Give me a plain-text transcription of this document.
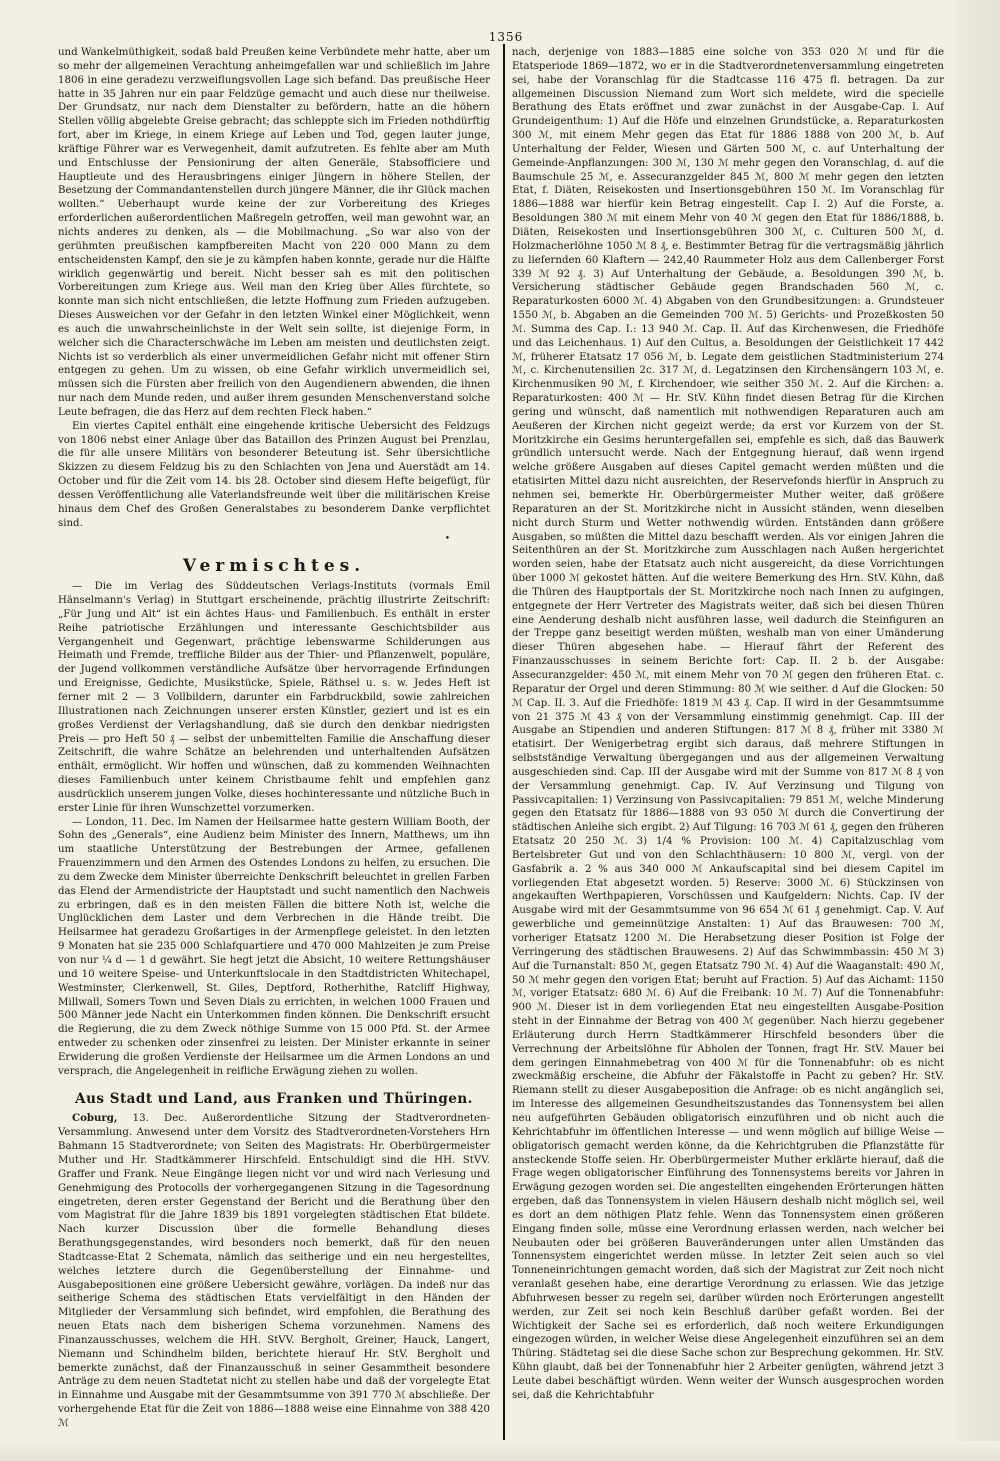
1356

und Wankelmüthigkeit, sodaß bald Preußen keine Verbündete mehr hatte, aber um so mehr der allgemeinen Verachtung anheimgefallen war und schließlich im Jahre 1806 in eine geradezu verzweiflungsvollen Lage sich befand. Das preußische Heer hatte in 35 Jahren nur ein paar Feldzüge gemacht und auch diese nur theilweise. Der Grundsatz, nur nach dem Dienstalter zu befördern, hatte an die höhern Stellen völlig abgelebte Greise gebracht; das schleppte sich im Frieden nothdürftig fort, aber im Kriege, in einem Kriege auf Leben und Tod, gegen lauter junge, kräftige Führer war es Verwegenheit, damit aufzutreten. Es fehlte aber am Muth und Entschlusse der Pensionirung der alten Generäle, Stabsofficiere und Hauptleute und des Herausbringens einiger Jüngern in höhere Stellen, der Besetzung der Commandantenstellen durch jüngere Männer, die ihr Glück machen wollten.“ Ueberhaupt wurde keine der zur Vorbereitung des Krieges erforderlichen außerordentlichen Maßregeln getroffen, weil man gewohnt war, an nichts anderes zu denken, als — die Mobilmachung. „So war also von der gerühmten preußischen kampfbereiten Macht von 220 000 Mann zu dem entscheidensten Kampf, den sie je zu kämpfen haben konnte, gerade nur die Hälfte wirklich gegenwärtig und bereit. Nicht besser sah es mit den politischen Vorbereitungen zum Kriege aus. Weil man den Krieg über Alles fürchtete, so konnte man sich nicht entschließen, die letzte Hoffnung zum Frieden aufzugeben. Dieses Ausweichen vor der Gefahr in den letzten Winkel einer Möglichkeit, wenn es auch die unwahrscheinlichste in der Welt sein sollte, ist diejenige Form, in welcher sich die Characterschwäche im Leben am meisten und deutlichsten zeigt. Nichts ist so verderblich als einer unvermeidlichen Gefahr nicht mit offener Stirn entgegen zu gehen. Um zu wissen, ob eine Gefahr wirklich unvermeidlich sei, müssen sich die Fürsten aber freilich von den Augendienern abwenden, die ihnen nur nach dem Munde reden, und außer ihrem gesunden Menschenverstand solche Leute befragen, die das Herz auf dem rechten Fleck haben.“

Ein viertes Capitel enthält eine eingehende kritische Uebersicht des Feldzugs von 1806 nebst einer Anlage über das Bataillon des Prinzen August bei Prenzlau, die für alle unsere Militärs von besonderer Beteutung ist. Sehr übersichtliche Skizzen zu diesem Feldzug bis zu den Schlachten von Jena und Auerstädt am 14. October und für die Zeit vom 14. bis 28. October sind diesem Hefte beigefügt, für dessen Veröffentlichung alle Vaterlandsfreunde weit über die militärischen Kreise hinaus dem Chef des Großen Generalstabes zu besonderem Danke verpflichtet sind.

•
Vermischtes.

— Die im Verlag des Süddeutschen Verlags-Instituts (vormals Emil Hänselmann's Verlag) in Stuttgart erscheinende, prächtig illustrirte Zeitschrift: „Für Jung und Alt“ ist ein ächtes Haus- und Familienbuch. Es enthält in erster Reihe patriotische Erzählungen und interessante Geschichtsbilder aus Vergangenheit und Gegenwart, prächtige lebenswarme Schilderungen aus Heimath und Fremde, treffliche Bilder aus der Thier- und Pflanzenwelt, populäre, der Jugend vollkommen verständliche Aufsätze über hervorragende Erfindungen und Ereignisse, Gedichte, Musikstücke, Spiele, Räthsel u. s. w. Jedes Heft ist ferner mit 2 — 3 Vollbildern, darunter ein Farbdruckbild, sowie zahlreichen Illustrationen nach Zeichnungen unserer ersten Künstler, geziert und ist es ein großes Verdienst der Verlagshandlung, daß sie durch den denkbar niedrigsten Preis — pro Heft 50 ₰ — selbst der unbemittelten Familie die Anschaffung dieser Zeitschrift, die wahre Schätze an belehrenden und unterhaltenden Aufsätzen enthält, ermöglicht. Wir hoffen und wünschen, daß zu kommenden Weihnachten dieses Familienbuch unter keinem Christbaume fehlt und empfehlen ganz ausdrücklich unserem jungen Volke, dieses hochinteressante und nützliche Buch in erster Linie für ihren Wunschzettel vorzumerken.

— London, 11. Dec. Im Namen der Heilsarmee hatte gestern William Booth, der Sohn des „Generals“, eine Audienz beim Minister des Innern, Matthews, um ihn um staatliche Unterstützung der Bestrebungen der Armee, gefallenen Frauenzimmern und den Armen des Ostendes Londons zu helfen, zu ersuchen. Die zu dem Zwecke dem Minister überreichte Denkschrift beleuchtet in grellen Farben das Elend der Armendistricte der Hauptstadt und sucht namentlich den Nachweis zu erbringen, daß es in den meisten Fällen die bittere Noth ist, welche die Unglücklichen dem Laster und dem Verbrechen in die Hände treibt. Die Heilsarmee hat geradezu Großartiges in der Armenpflege geleistet. In den letzten 9 Monaten hat sie 235 000 Schlafquartiere und 470 000 Mahlzeiten je zum Preise von nur ¼ d — 1 d gewährt. Sie hegt jetzt die Absicht, 10 weitere Rettungshäuser und 10 weitere Speise- und Unterkunftslocale in den Stadtdistricten Whitechapel, Westminster, Clerkenwell, St. Giles, Deptford, Rotherhithe, Ratcliff Highway, Millwall, Somers Town und Seven Dials zu errichten, in welchen 1000 Frauen und 500 Männer jede Nacht ein Unterkommen finden können. Die Denkschrift ersucht die Regierung, die zu dem Zweck nöthige Summe von 15 000 Pfd. St. der Armee entweder zu schenken oder zinsenfrei zu leisten. Der Minister erkannte in seiner Erwiderung die großen Verdienste der Heilsarmee um die Armen Londons an und versprach, die Angelegenheit in reifliche Erwägung ziehen zu wollen.

Aus Stadt und Land, aus Franken und Thüringen.

Coburg, 13. Dec. Außerordentliche Sitzung der Stadtverordneten-Versammlung. Anwesend unter dem Vorsitz des Stadtverordneten-Vorstehers Hrn Bahmann 15 Stadtverordnete; von Seiten des Magistrats: Hr. Oberbürgermeister Muther und Hr. Stadtkämmerer Hirschfeld. Entschuldigt sind die HH. StVV. Graffer und Frank. Neue Eingänge liegen nicht vor und wird nach Verlesung und Genehmigung des Protocolls der vorhergegangenen Sitzung in die Tagesordnung eingetreten, deren erster Gegenstand der Bericht und die Berathung über den vom Magistrat für die Jahre 1839 bis 1891 vorgelegten städtischen Etat bildete. Nach kurzer Discussion über die formelle Behandlung dieses Berathungsgegenstandes, wird besonders noch bemerkt, daß für den neuen Stadtcasse-Etat 2 Schemata, nämlich das seitherige und ein neu hergestelltes, welches letztere durch die Gegenüberstellung der Einnahme- und Ausgabepositionen eine größere Uebersicht gewähre, vorlägen. Da indeß nur das seitherige Schema des städtischen Etats vervielfältigt in den Händen der Mitglieder der Versammlung sich befindet, wird empfohlen, die Berathung des neuen Etats nach dem bisherigen Schema vorzunehmen. Namens des Finanzausschusses, welchem die HH. StVV. Bergholt, Greiner, Hauck, Langert, Niemann und Schindhelm bilden, berichtete hierauf Hr. StV. Bergholt und bemerkte zunächst, daß der Finanzausschuß in seiner Gesammtheit besondere Anträge zu dem neuen Stadtetat nicht zu stellen habe und daß der vorgelegte Etat in Einnahme und Ausgabe mit der Gesammtsumme von 391 770 ℳ abschließe. Der vorhergehende Etat für die Zeit von 1886—1888 weise eine Einnahme von 388 420 ℳ

nach, derjenige von 1883—1885 eine solche von 353 020 ℳ und für die Etatsperiode 1869—1872, wo er in die Stadtverordnetenversammlung eingetreten sei, habe der Voranschlag für die Stadtcasse 116 475 fl. betragen. Da zur allgemeinen Discussion Niemand zum Wort sich meldete, wird die specielle Berathung des Etats eröffnet und zwar zunächst in der Ausgabe-Cap. I. Auf Grundeigenthum: 1) Auf die Höfe und einzelnen Grundstücke, a. Reparaturkosten 300 ℳ, mit einem Mehr gegen das Etat für 1886 1888 von 200 ℳ, b. Auf Unterhaltung der Felder, Wiesen und Gärten 500 ℳ, c. auf Unterhaltung der Gemeinde-Anpflanzungen: 300 ℳ, 130 ℳ mehr gegen den Voranschlag, d. auf die Baumschule 25 ℳ, e. Assecuranzgelder 845 ℳ, 800 ℳ mehr gegen den letzten Etat, f. Diäten, Reisekosten und Insertionsgebühren 150 ℳ. Im Voranschlag für 1886—1888 war hierfür kein Betrag eingestellt. Cap I. 2) Auf die Forste, a. Besoldungen 380 ℳ mit einem Mehr von 40 ℳ gegen den Etat für 1886/1888, b. Diäten, Reisekosten und Insertionsgebühren 300 ℳ, c. Culturen 500 ℳ, d. Holzmacherlöhne 1050 ℳ 8 ₰, e. Bestimmter Betrag für die vertragsmäßig jährlich zu liefernden 60 Klaftern — 242,40 Raummeter Holz aus dem Callenberger Forst 339 ℳ 92 ₰. 3) Auf Unterhaltung der Gebäude, a. Besoldungen 390 ℳ, b. Versicherung städtischer Gebäude gegen Brandschaden 560 ℳ, c. Reparaturkosten 6000 ℳ. 4) Abgaben von den Grundbesitzungen: a. Grundsteuer 1550 ℳ, b. Abgaben an die Gemeinden 700 ℳ. 5) Gerichts- und Prozeßkosten 50 ℳ. Summa des Cap. I.: 13 940 ℳ. Cap. II. Auf das Kirchenwesen, die Friedhöfe und das Leichenhaus. 1) Auf den Cultus, a. Besoldungen der Geistlichkeit 17 442 ℳ, früherer Etatsatz 17 056 ℳ, b. Legate dem geistlichen Stadtministerium 274 ℳ, c. Kirchenutensilien 2c. 317 ℳ, d. Legatzinsen den Kirchensängern 103 ℳ, e. Kirchenmusiken 90 ℳ, f. Kirchendoer, wie seither 350 ℳ. 2. Auf die Kirchen: a. Reparaturkosten: 400 ℳ — Hr. StV. Kühn findet diesen Betrag für die Kirchen gering und wünscht, daß namentlich mit nothwendigen Reparaturen auch am Aeußeren der Kirchen nicht gegeizt werde; da erst vor Kurzem von der St. Moritzkirche ein Gesims heruntergefallen sei, empfehle es sich, daß das Bauwerk gründlich untersucht werde. Nach der Entgegnung hierauf, daß wenn irgend welche größere Ausgaben auf dieses Capitel gemacht werden müßten und die etatisirten Mittel dazu nicht ausreichten, der Reservefonds hierfür in Anspruch zu nehmen sei, bemerkte Hr. Oberbürgermeister Muther weiter, daß größere Reparaturen an der St. Moritzkirche nicht in Aussicht ständen, wenn dieselben nicht durch Sturm und Wetter nothwendig würden. Entständen dann größere Ausgaben, so müßten die Mittel dazu beschafft werden. Als vor einigen Jahren die Seitenthüren an der St. Moritzkirche zum Ausschlagen nach Außen hergerichtet worden seien, habe der Etatsatz auch nicht ausgereicht, da diese Vorrichtungen über 1000 ℳ gekostet hätten. Auf die weitere Bemerkung des Hrn. StV. Kühn, daß die Thüren des Hauptportals der St. Moritzkirche noch nach Innen zu aufgingen, entgegnete der Herr Vertreter des Magistrats weiter, daß sich bei diesen Thüren eine Aenderung deshalb nicht ausführen lasse, weil dadurch die Steinfiguren an der Treppe ganz beseitigt werden müßten, weshalb man von einer Umänderung dieser Thüren abgesehen habe. — Hierauf fährt der Referent des Finanzausschusses in seinem Berichte fort: Cap. II. 2 b. der Ausgabe: Assecuranzgelder: 450 ℳ, mit einem Mehr von 70 ℳ gegen den früheren Etat. c. Reparatur der Orgel und deren Stimmung: 80 ℳ wie seither. d Auf die Glocken: 50 ℳ Cap. II. 3. Auf die Friedhöfe: 1819 ℳ 43 ₰. Cap. II wird in der Gesammtsumme von 21 375 ℳ 43 ₰ von der Versammlung einstimmig genehmigt. Cap. III der Ausgabe an Stipendien und anderen Stiftungen: 817 ℳ 8 ₰, früher mit 3380 ℳ etatisirt. Der Wenigerbetrag ergibt sich daraus, daß mehrere Stiftungen in selbstständige Verwaltung übergegangen und aus der allgemeinen Verwaltung ausgeschieden sind. Cap. III der Ausgabe wird mit der Summe von 817 ℳ 8 ₰ von der Versammlung genehmigt. Cap. IV. Auf Verzinsung und Tilgung von Passivcapitalien: 1) Verzinsung von Passivcapitalien: 79 851 ℳ, welche Minderung gegen den Etatsatz für 1886—1888 von 93 050 ℳ durch die Convertirung der städtischen Anleihe sich ergibt. 2) Auf Tilgung: 16 703 ℳ 61 ₰, gegen den früheren Etatsatz 20 250 ℳ. 3) 1/4 % Provision: 100 ℳ. 4) Capitalzuschlag vom Bertelsbreter Gut und von den Schlachthäusern: 10 800 ℳ, vergl. von der Gasfabrik a. 2 % aus 340 000 ℳ Ankaufscapital sind bei diesem Capitel im vorliegenden Etat abgesetzt worden. 5) Reserve: 3000 ℳ. 6) Stückzinsen von angekauften Werthpapieren, Vorschüssen und Kaufgeldern: Nichts. Cap. IV der Ausgabe wird mit der Gesammtsumme von 96 654 ℳ 61 ₰ genehmigt. Cap. V. Auf gewerbliche und gemeinnützige Anstalten: 1) Auf das Brauwesen: 700 ℳ, vorheriger Etatsatz 1200 ℳ. Die Herabsetzung dieser Position ist Folge der Verringerung des städtischen Brauwesens. 2) Auf das Schwimmbassin: 450 ℳ 3) Auf die Turnanstalt: 850 ℳ, gegen Etatsatz 790 ℳ. 4) Auf die Waaganstalt: 490 ℳ, 50 ℳ mehr gegen den vorigen Etat; beruht auf Fraction. 5) Auf das Aichamt: 1150 ℳ, voriger Etatsatz: 680 ℳ. 6) Auf die Freibank: 10 ℳ. 7) Auf die Tonnenabfuhr: 900 ℳ. Dieser ist in dem vorliegenden Etat neu eingestellten Ausgabe-Position steht in der Einnahme der Betrag von 400 ℳ gegenüber. Nach hierzu gegebener Erläuterung durch Herrn Stadtkämmerer Hirschfeld besonders über die Verrechnung der Arbeitslöhne für Abholen der Tonnen, fragt Hr. StV. Mauer bei dem geringen Einnahmebetrag von 400 ℳ für die Tonnenabfuhr: ob es nicht zweckmäßig erscheine, die Abfuhr der Fäkalstoffe in Pacht zu geben? Hr. StV. Riemann stellt zu dieser Ausgabeposition die Anfrage: ob es nicht angänglich sei, im Interesse des allgemeinen Gesundheitszustandes das Tonnensystem bei allen neu aufgeführten Gebäuden obligatorisch einzuführen und ob nicht auch die Kehrichtabfuhr im öffentlichen Interesse — und wenn möglich auf billige Weise — obligatorisch gemacht werden könne, da die Kehrichtgruben die Pflanzstätte für ansteckende Stoffe seien. Hr. Oberbürgermeister Muther erklärte hierauf, daß die Frage wegen obligatorischer Einführung des Tonnensystems bereits vor Jahren in Erwägung gezogen worden sei. Die angestellten eingehenden Erörterungen hätten ergeben, daß das Tonnensystem in vielen Häusern deshalb nicht möglich sei, weil es dort an dem nöthigen Platz fehle. Wenn das Tonnensystem einen größeren Eingang finden solle, müsse eine Verordnung erlassen werden, nach welcher bei Neubauten oder bei größeren Bauveränderungen unter allen Umständen das Tonnensystem eingerichtet werden müsse. In letzter Zeit seien auch so viel Tonneneinrichtungen gemacht worden, daß sich der Magistrat zur Zeit noch nicht veranlaßt gesehen habe, eine derartige Verordnung zu erlassen. Wie das jetzige Abfuhrwesen besser zu regeln sei, darüber würden noch Erörterungen angestellt werden, zur Zeit sei noch kein Beschluß darüber gefaßt worden. Bei der Wichtigkeit der Sache sei es erforderlich, daß noch weitere Erkundigungen eingezogen würden, in welcher Weise diese Angelegenheit einzuführen sei an dem Thüring. Städtetag sei die diese Sache schon zur Besprechung gekommen. Hr. StV. Kühn glaubt, daß bei der Tonnenabfuhr hier 2 Arbeiter genügten, während jetzt 3 Leute dabei beschäftigt würden. Wenn weiter der Wunsch ausgesprochen worden sei, daß die Kehrichtabfuhr
